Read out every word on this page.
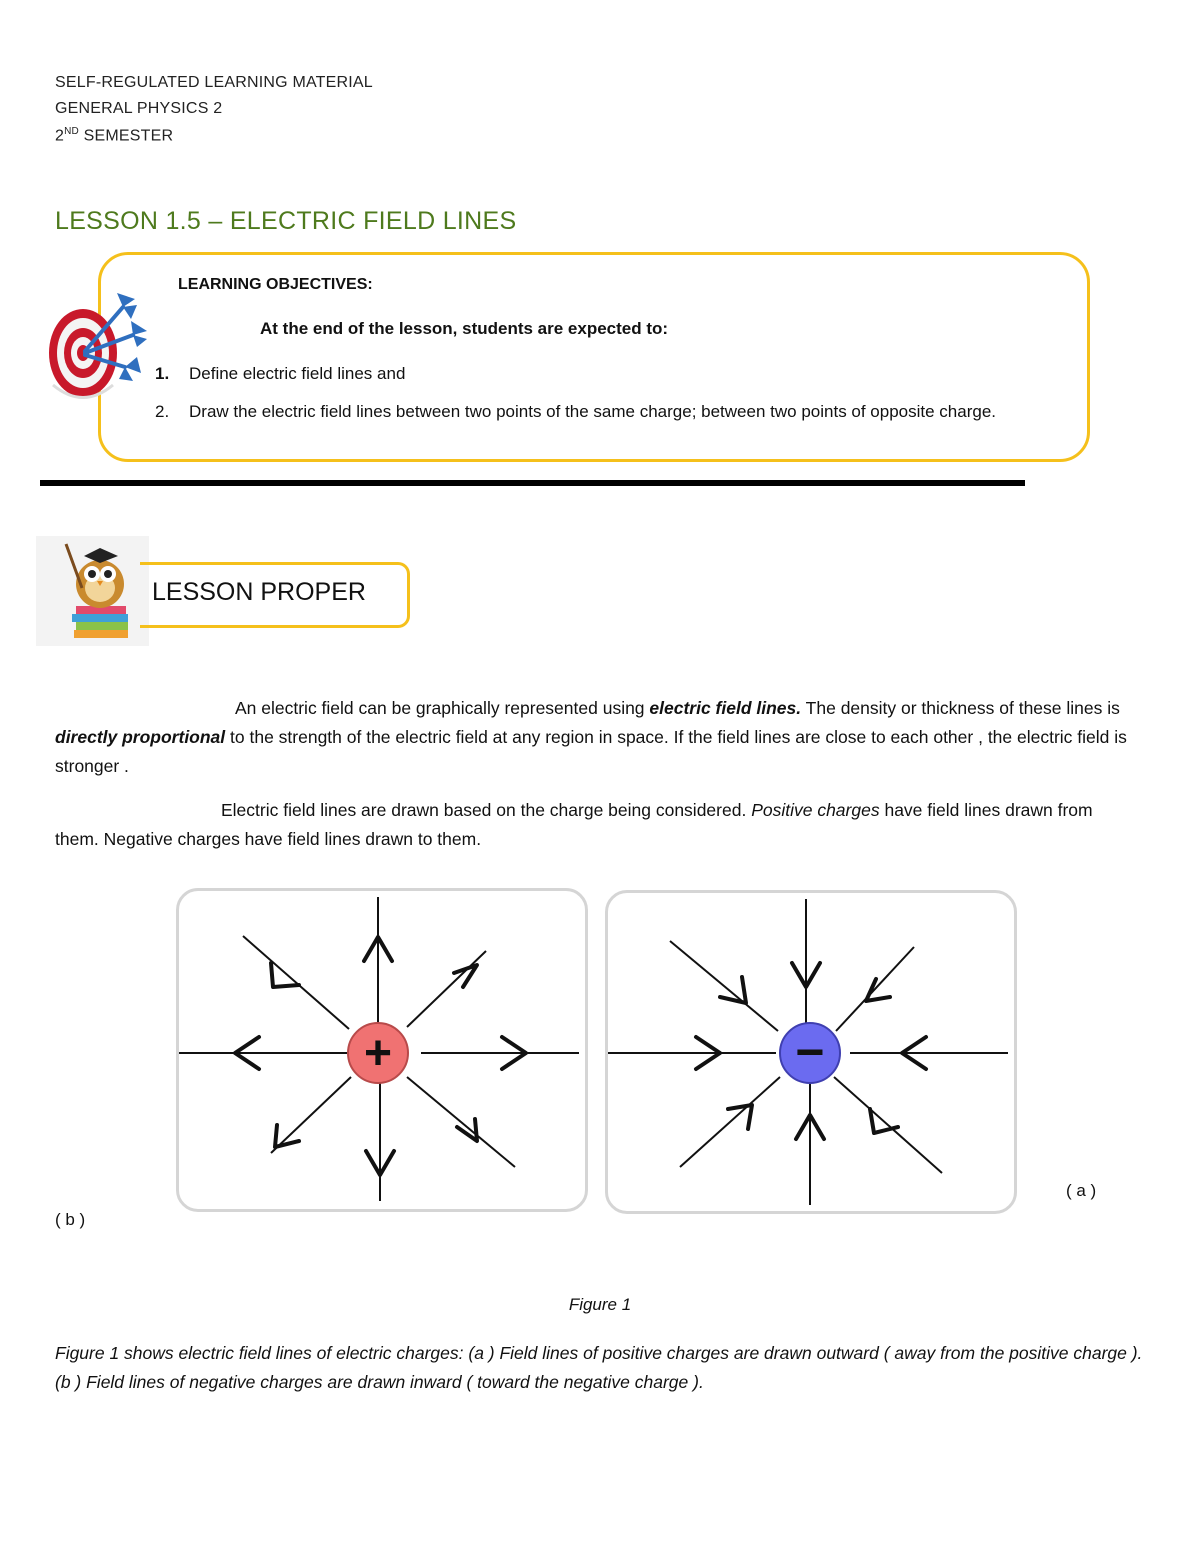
SELF-REGULATED LEARNING MATERIAL
GENERAL PHYSICS 2
2ND SEMESTER
LESSON 1.5 – ELECTRIC FIELD LINES
LEARNING OBJECTIVES:
At the end of the lesson, students are expected to:
1. Define electric field lines and
2. Draw the electric field lines between two points of the same charge; between two points of opposite charge.
LESSON PROPER
An electric field can be graphically represented using electric field lines. The density or thickness of these lines is directly proportional to the strength of the electric field at any region in space. If the field lines are close to each other , the electric field is stronger .
Electric field lines are drawn based on the charge being considered. Positive charges have field lines drawn from them. Negative charges have field lines drawn to them.
+	−
( a )
( b )
Figure 1
Figure 1 shows electric field lines of electric charges: (a ) Field lines of positive charges are drawn outward ( away from the positive charge ). (b ) Field lines of negative charges are drawn inward ( toward the negative charge ).
